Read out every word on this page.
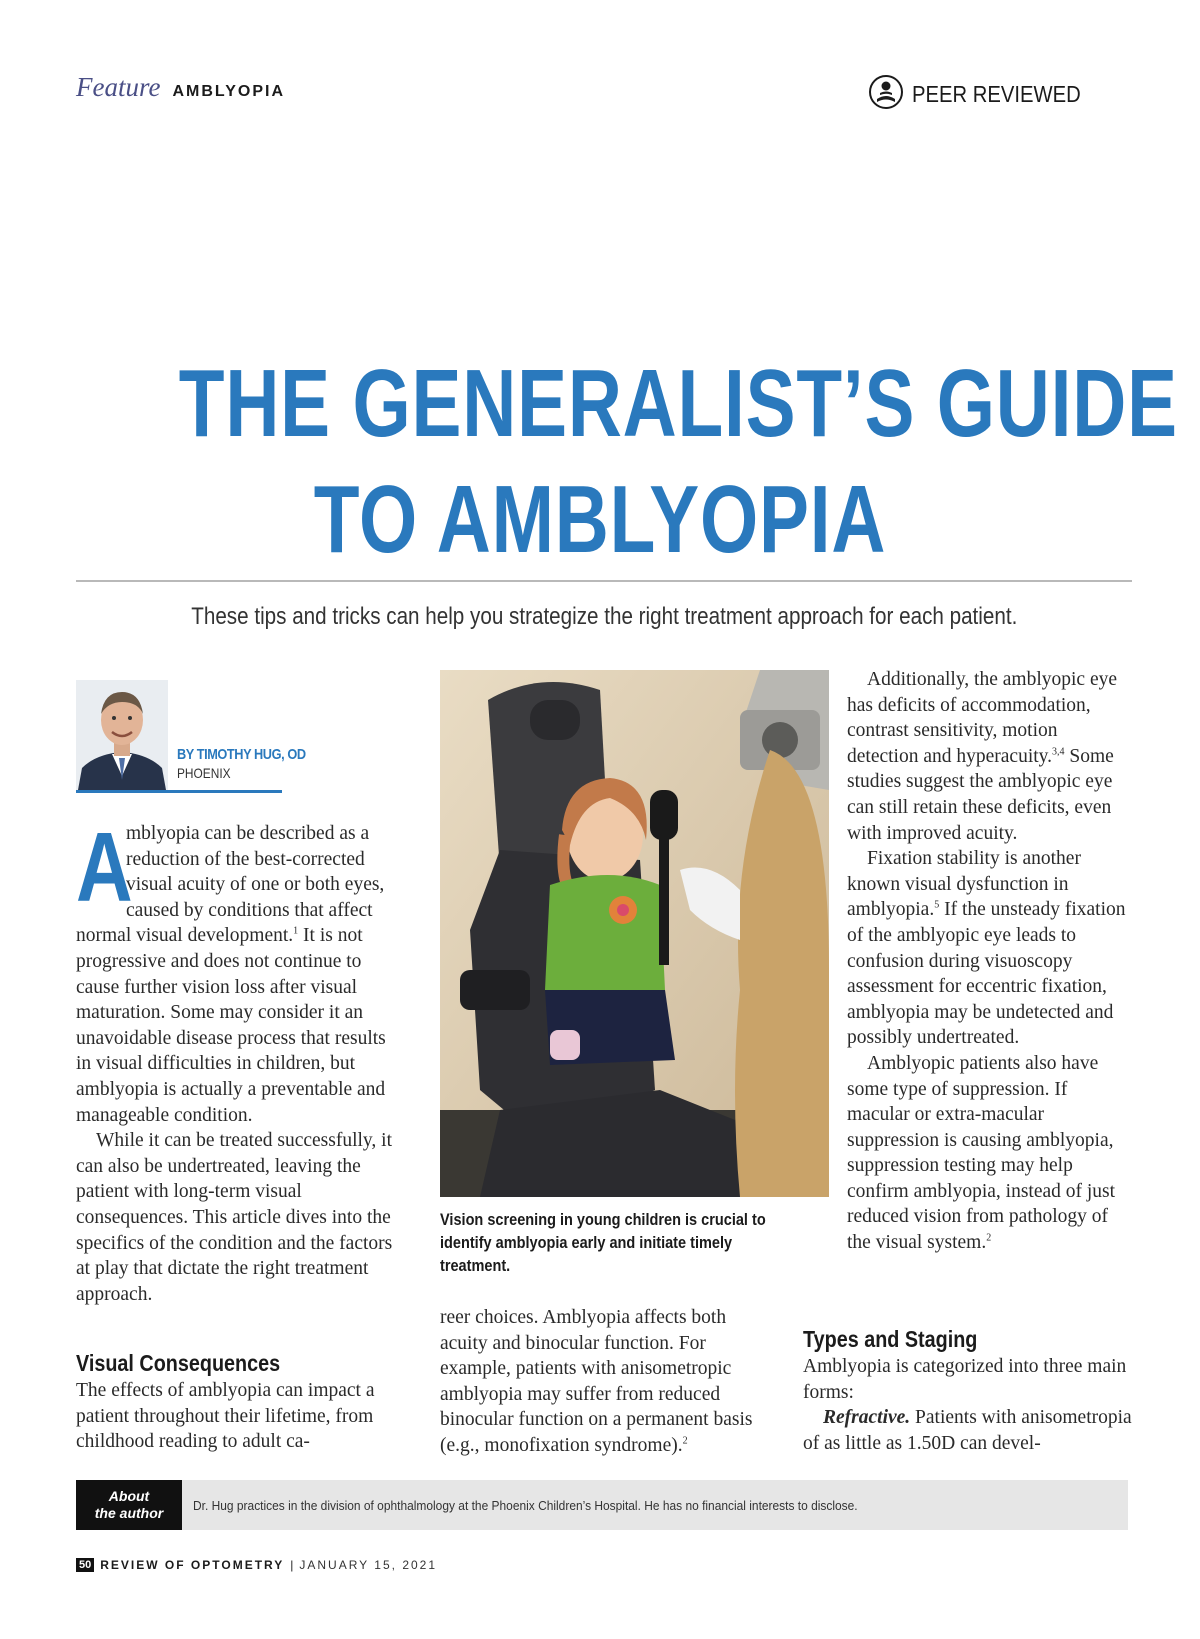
Feature AMBLYOPIA	PEER REVIEWED
THE GENERALIST’S GUIDE
TO AMBLYOPIA
These tips and tricks can help you strategize the right treatment approach for each patient.
BY TIMOTHY HUG, OD
PHOENIX

A
mblyopia can be described as a reduction of the best-corrected visual acuity of one or both eyes, caused by conditions that affect normal visual development.$^1$ It is not progressive and does not continue to cause further vision loss after visual maturation. Some may consider it an unavoidable disease process that results in visual difficulties in children, but amblyopia is actually a preventable and manageable condition.

While it can be treated successfully, it can also be undertreated, leaving the patient with long-term visual consequences. This article dives into the specifics of the condition and the factors at play that dictate the right treatment approach.

Visual Consequences

The effects of amblyopia can impact a patient throughout their lifetime, from childhood reading to adult ca-

Vision screening in young children is crucial to identify amblyopia early and initiate timely treatment.

reer choices. Amblyopia affects both acuity and binocular function. For example, patients with anisometropic amblyopia may suffer from reduced binocular function on a permanent basis (e.g., monofixation syndrome).$^2$

Additionally, the amblyopic eye has deficits of accommodation, contrast sensitivity, motion detection and hyperacuity.$^{3,4}$ Some studies suggest the amblyopic eye can still retain these deficits, even with improved acuity.

Fixation stability is another known visual dysfunction in amblyopia.$^5$ If the unsteady fixation of the amblyopic eye leads to confusion during visuoscopy assessment for eccentric fixation, amblyopia may be undetected and possibly undertreated.

Amblyopic patients also have some type of suppression. If macular or extra-macular suppression is causing amblyopia, suppression testing may help confirm amblyopia, instead of just reduced vision from pathology of the visual system.$^2$

Types and Staging

Amblyopia is categorized into three main forms:

Refractive. Patients with anisometropia of as little as 1.50D can devel-

About
the author	Dr. Hug practices in the division of ophthalmology at the Phoenix Children’s Hospital. He has no financial interests to disclose.
50 REVIEW OF OPTOMETRY | JANUARY 15, 2021
